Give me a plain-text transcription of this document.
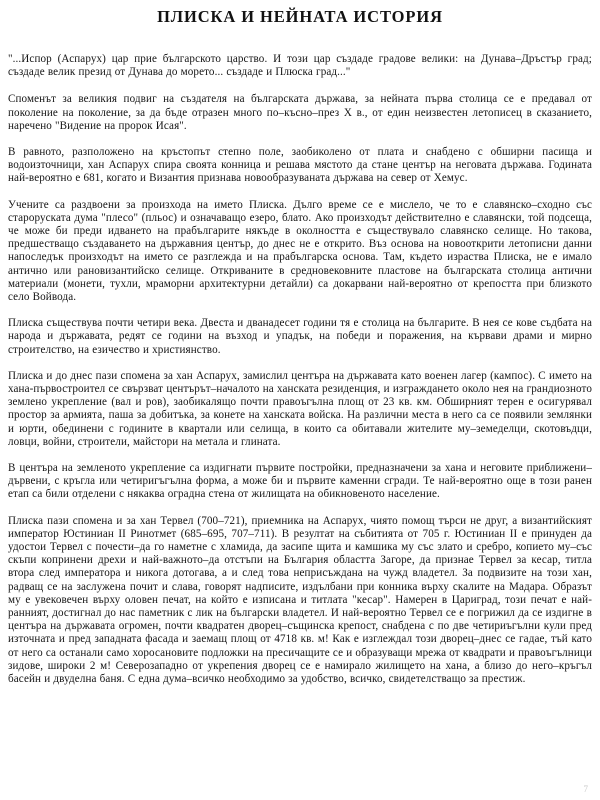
ПЛИСКА И НЕЙНАТА ИСТОРИЯ

"...Испор (Аспарух) цар прие българското царство. И този цар създаде градове велики: на Дунава–Дръстър град; създаде велик презид от Дунава до морето... създаде и Плюска град..."

Споменът за великия подвиг на създателя на българската държава, за нейната първа столица се е предавал от поколение на поколение, за да бъде отразен много по–късно–през X в., от един неизвестен летописец в сказанието, наречено "Видение на пророк Исая".

В равното, разположено на кръстопът степно поле, заобиколено от плата и снабдено с обширни пасища и водоизточници, хан Аспарух спира своята конница и решава мястото да стане център на неговата държава. Годината най-вероятно е 681, когато и Византия признава новообразуваната държава на север от Хемус.

Учените са раздвоени за произхода на името Плиска. Дълго време се е мислело, че то е славянско–сходно със староруската дума "плесо" (пльос) и означаващо езеро, блато. Ако произходът действително е славянски, той подсеща, че може би преди идването на прабългарите някъде в околността е съществувало славянско селище. Но такова, предшестващо създаването на държавния център, до днес не е открито. Въз основа на новооткрити летописни данни напоследък произходът на името се разглежда и на прабългарска основа. Там, където израства Плиска, не е имало антично или рановизантийско селище. Откриваните в средновековните пластове на българската столица антични материали (монети, тухли, мраморни архитектурни детайли) са докарвани най-вероятно от крепостта при близкото село Войвода.

Плиска съществува почти четири века. Двеста и дванадесет години тя е столица на българите. В нея се кове съдбата на народа и държавата, редят се години на възход и упадък, на победи и поражения, на кървави драми и мирно строителство, на езичество и християнство.

Плиска и до днес пази спомена за хан Аспарух, замислил центъра на държавата като военен лагер (кампос). С името на хана-първостроител се свързват центърът–началото на ханската резиденция, и изграждането около нея на грандиозното землено укрепление (вал и ров), заобикалящо почти правоъгълна площ от 23 кв. км. Обширният терен е осигурявал простор за армията, паша за добитъка, за конете на ханската войска. На различни места в него са се появили землянки и юрти, обединени с годините в квартали или селища, в които са обитавали жителите му–земеделци, скотовъдци, ловци, войни, строители, майстори на метала и глината.

В центъра на земленото укрепление са издигнати първите постройки, предназначени за хана и неговите приближени– дървени, с кръгла или четиригъгълна форма, а може би и първите каменни сгради. Те най-вероятно още в този ранен етап са били отделени с някаква оградна стена от жилищата на обикновеното население.

Плиска пази спомена и за хан Тервел (700–721), приемника на Аспарух, чиято помощ търси не друг, а византийският император Юстиниан II Ринотмет (685–695, 707–711). В резултат на събитията от 705 г. Юстиниан II е принуден да удостои Тервел с почести–да го наметне с хламида, да засипе щита и камшика му със злато и сребро, копието му–със скъпи копринени дрехи и най-важното–да отстъпи на България областта Загоре, да признае Тервел за кесар, титла втора след императора и никога дотогава, а и след това неприсъждана на чужд владетел. За подвизите на този хан, радващ се на заслужена почит и слава, говорят надписите, издълбани при конника върху скалите на Мадара. Образът му е увековечен върху оловен печат, на който е изписана и титлата "кесар". Намерен в Цариград, този печат е най-ранният, достигнал до нас паметник с лик на български владетел. И най-вероятно Тервел се е погрижил да се издигне в центъра на държавата огромен, почти квадратен дворец–същинска крепост, снабдена с по две четириъгълни кули пред източната и пред западната фасада и заемащ площ от 4718 кв. м! Как е изглеждал този дворец–днес се гадае, тъй като от него са останали само хоросановите подложки на пресичащите се и образуващи мрежа от квадрати и правоъгълници зидове, широки 2 м! Северозападно от укрепения дворец се е намирало жилището на хана, а близо до него–кръгъл басейн и двуделна баня. С една дума–всичко необходимо за удобство, всичко, свидетелстващо за престиж.

7
